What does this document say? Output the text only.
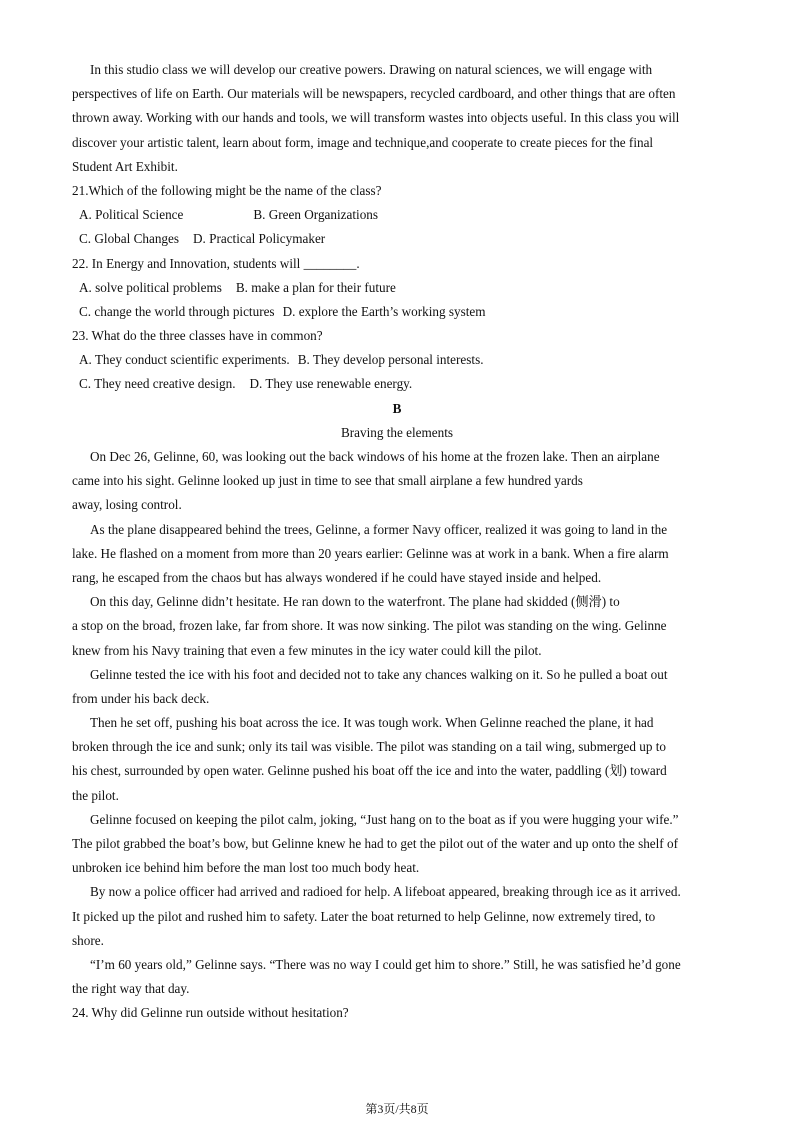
In this studio class we will develop our creative powers. Drawing on natural sciences, we will engage with
perspectives of life on Earth. Our materials will be newspapers, recycled cardboard, and other things that are often
thrown away. Working with our hands and tools, we will transform wastes into objects useful. In this class you will
discover your artistic talent, learn about form, image and technique,and cooperate to create pieces for the final
Student Art Exhibit.
21.Which of the following might be the name of the class?
A. Political Science	B. Green Organizations
C. Global Changes D. Practical Policymaker
22. In Energy and Innovation, students will ________.
A. solve political problems B. make a plan for their future
C. change the world through pictures D. explore the Earth’s working system
23. What do the three classes have in common?
A. They conduct scientific experiments. B. They develop personal interests.
C. They need creative design. D. They use renewable energy.
B
Braving the elements
On Dec 26, Gelinne, 60, was looking out the back windows of his home at the frozen lake. Then an airplane
came into his sight. Gelinne looked up just in time to see that small airplane a few hundred yards
away, losing control.
As the plane disappeared behind the trees, Gelinne, a former Navy officer, realized it was going to land in the
lake. He flashed on a moment from more than 20 years earlier: Gelinne was at work in a bank. When a fire alarm
rang, he escaped from the chaos but has always wondered if he could have stayed inside and helped.
On this day, Gelinne didn’t hesitate. He ran down to the waterfront. The plane had skidded (侧滑) to
a stop on the broad, frozen lake, far from shore. It was now sinking. The pilot was standing on the wing. Gelinne
knew from his Navy training that even a few minutes in the icy water could kill the pilot.
Gelinne tested the ice with his foot and decided not to take any chances walking on it. So he pulled a boat out
from under his back deck.
Then he set off, pushing his boat across the ice. It was tough work. When Gelinne reached the plane, it had
broken through the ice and sunk; only its tail was visible. The pilot was standing on a tail wing, submerged up to
his chest, surrounded by open water. Gelinne pushed his boat off the ice and into the water, paddling (划) toward
the pilot.
Gelinne focused on keeping the pilot calm, joking, “Just hang on to the boat as if you were hugging your wife.”
The pilot grabbed the boat’s bow, but Gelinne knew he had to get the pilot out of the water and up onto the shelf of
unbroken ice behind him before the man lost too much body heat.
By now a police officer had arrived and radioed for help. A lifeboat appeared, breaking through ice as it arrived.
It picked up the pilot and rushed him to safety. Later the boat returned to help Gelinne, now extremely tired, to
shore.
“I’m 60 years old,” Gelinne says. “There was no way I could get him to shore.” Still, he was satisfied he’d gone
the right way that day.
24. Why did Gelinne run outside without hesitation?
第3页/共8页
